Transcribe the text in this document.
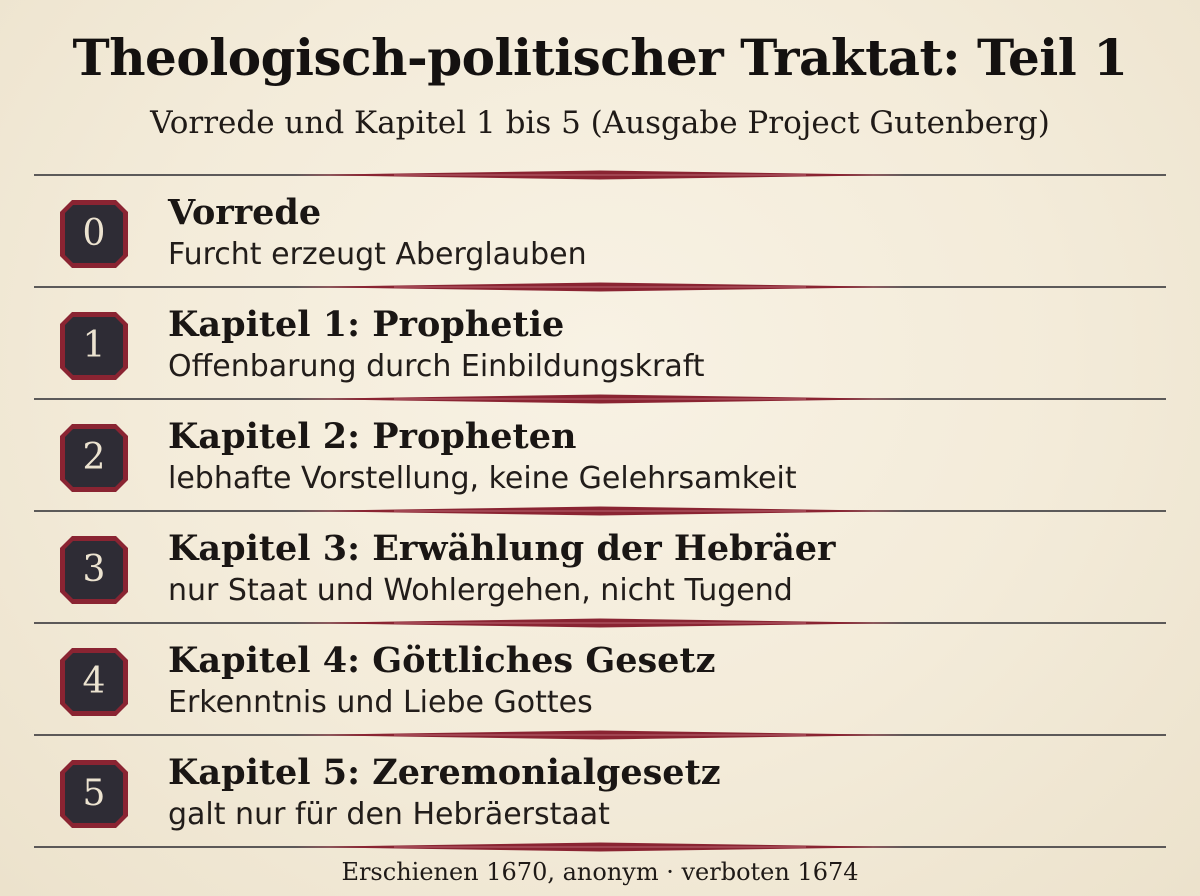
Theologisch-politischer Traktat: Teil 1
Vorrede und Kapitel 1 bis 5 (Ausgabe Project Gutenberg)
0
Vorrede
Furcht erzeugt Aberglauben
1
Kapitel 1: Prophetie
Offenbarung durch Einbildungskraft
2
Kapitel 2: Propheten
lebhafte Vorstellung, keine Gelehrsamkeit
3
Kapitel 3: Erwählung der Hebräer
nur Staat und Wohlergehen, nicht Tugend
4
Kapitel 4: Göttliches Gesetz
Erkenntnis und Liebe Gottes
5
Kapitel 5: Zeremonialgesetz
galt nur für den Hebräerstaat
Erschienen 1670, anonym · verboten 1674
